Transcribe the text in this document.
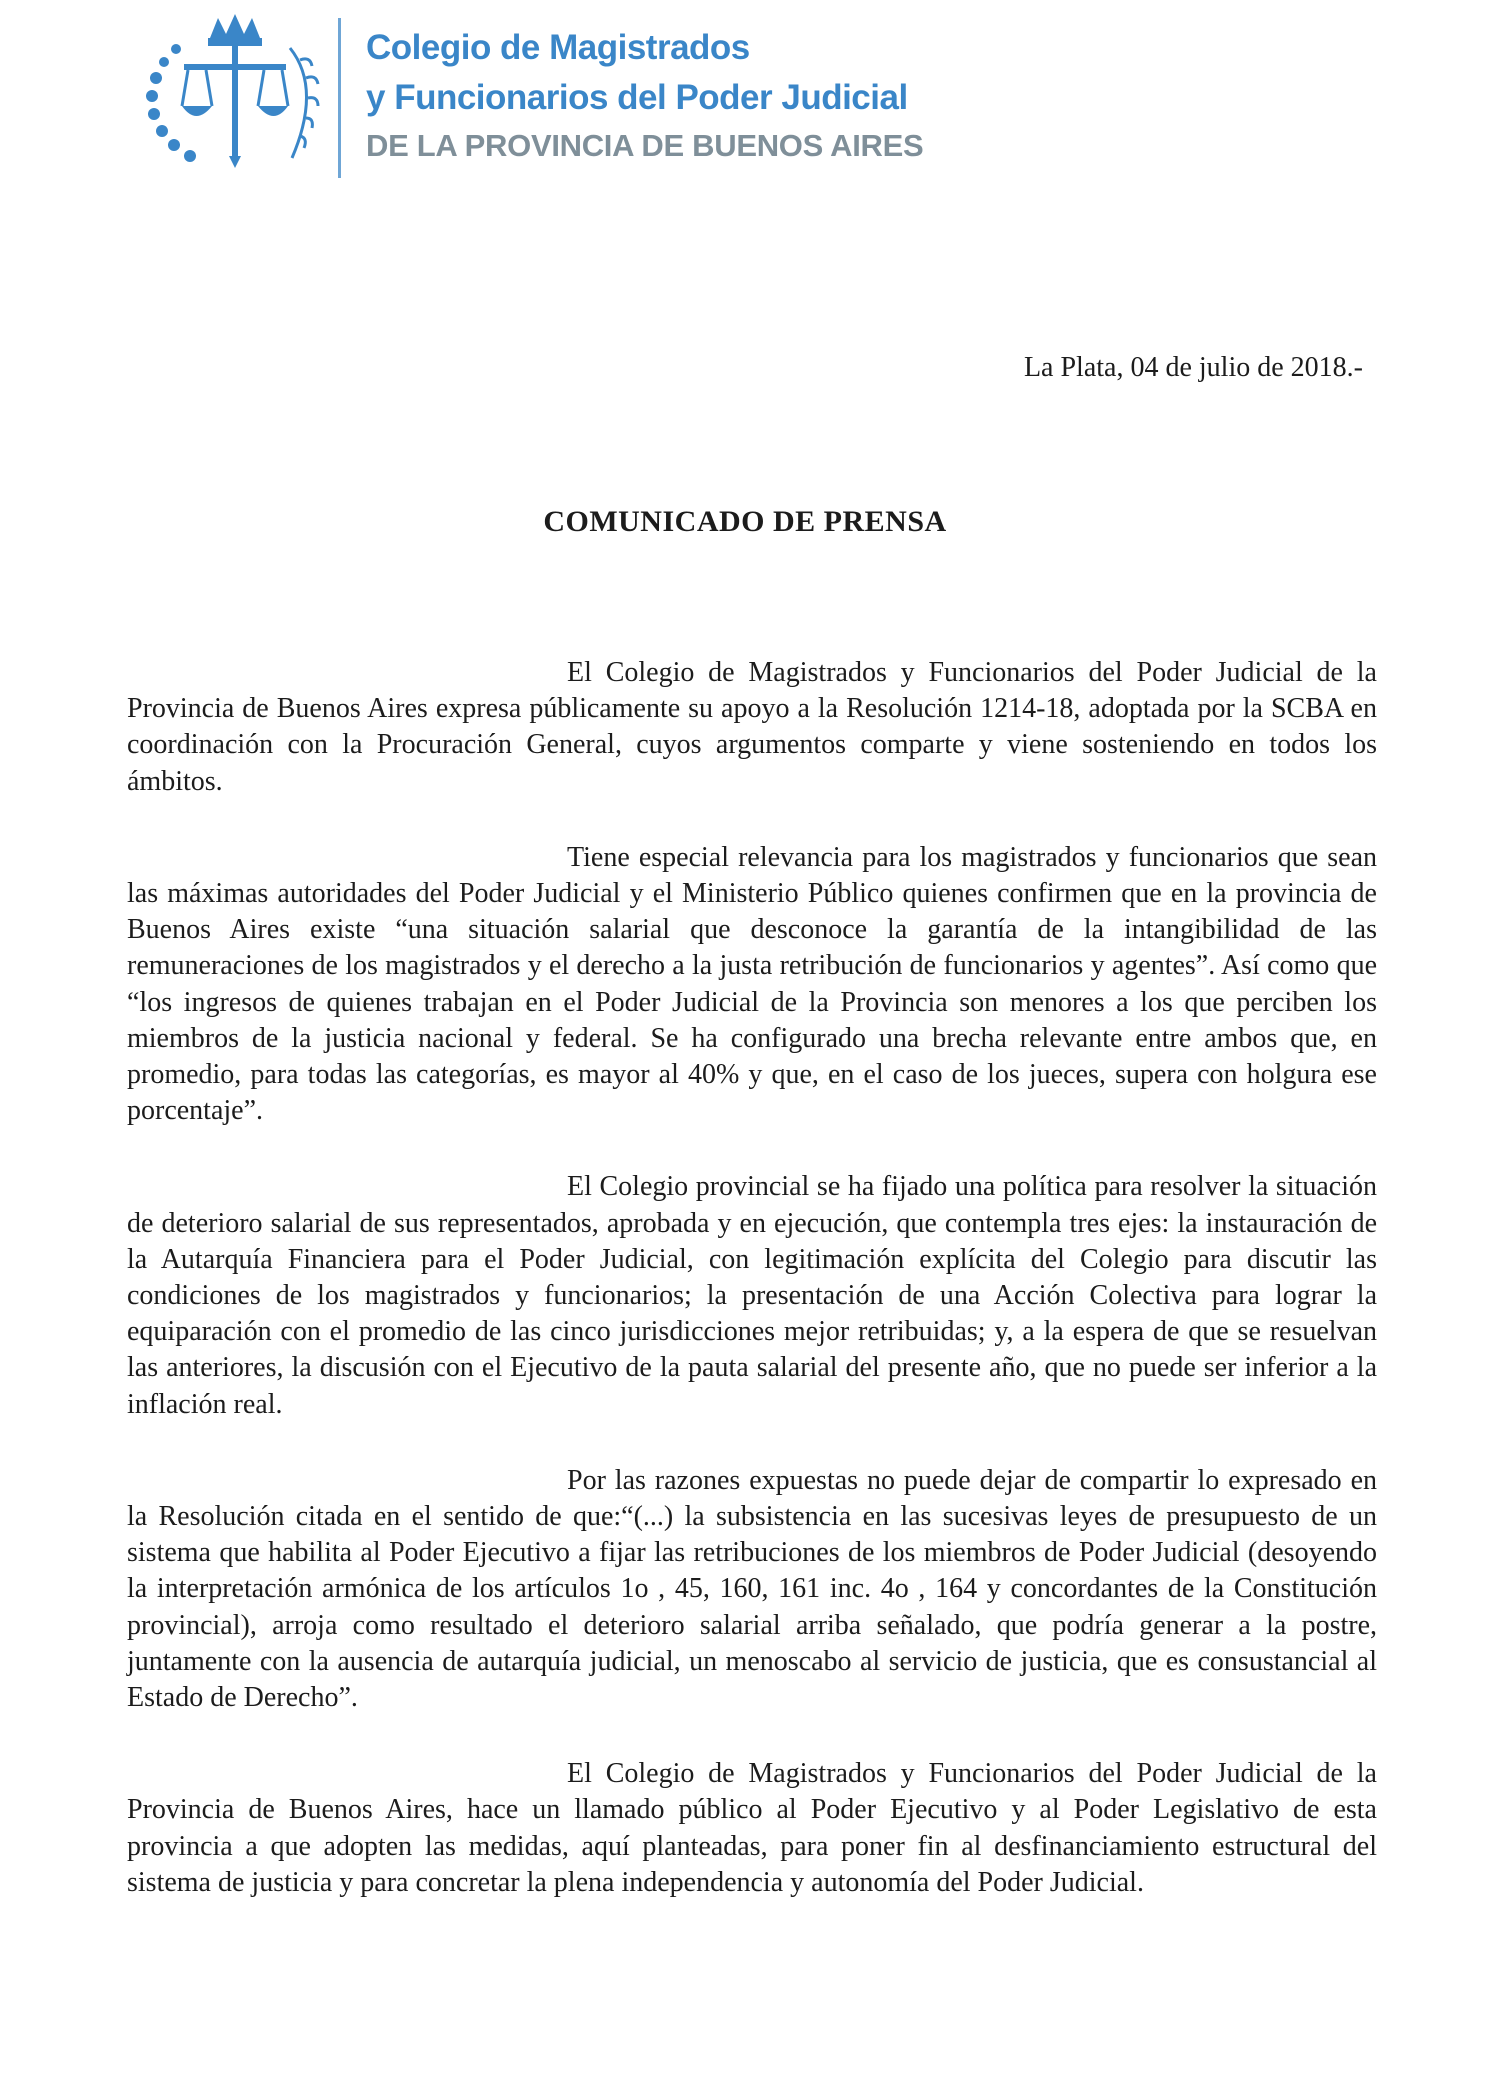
Colegio de Magistrados
y Funcionarios del Poder Judicial
DE LA PROVINCIA DE BUENOS AIRES
La Plata, 04 de julio de 2018.-
COMUNICADO DE PRENSA

El Colegio de Magistrados y Funcionarios del Poder Judicial de la Provincia de Buenos Aires expresa públicamente su apoyo a la Resolución 1214-18, adoptada por la SCBA en coordinación con la Procuración General, cuyos argumentos comparte y viene sosteniendo en todos los ámbitos.

Tiene especial relevancia para los magistrados y funcionarios que sean las máximas autoridades del Poder Judicial y el Ministerio Público quienes confirmen que en la provincia de Buenos Aires existe “una situación salarial que desconoce la garantía de la intangibilidad de las remuneraciones de los magistrados y el derecho a la justa retribución de funcionarios y agentes”. Así como que “los ingresos de quienes trabajan en el Poder Judicial de la Provincia son menores a los que perciben los miembros de la justicia nacional y federal. Se ha configurado una brecha relevante entre ambos que, en promedio, para todas las categorías, es mayor al 40% y que, en el caso de los jueces, supera con holgura ese porcentaje”.

El Colegio provincial se ha fijado una política para resolver la situación de deterioro salarial de sus representados, aprobada y en ejecución, que contempla tres ejes: la instauración de la Autarquía Financiera para el Poder Judicial, con legitimación explícita del Colegio para discutir las condiciones de los magistrados y funcionarios; la presentación de una Acción Colectiva para lograr la equiparación con el promedio de las cinco jurisdicciones mejor retribuidas; y, a la espera de que se resuelvan las anteriores, la discusión con el Ejecutivo de la pauta salarial del presente año, que no puede ser inferior a la inflación real.

Por las razones expuestas no puede dejar de compartir lo expresado en la Resolución citada en el sentido de que:“(...) la subsistencia en las sucesivas leyes de presupuesto de un sistema que habilita al Poder Ejecutivo a fijar las retribuciones de los miembros de Poder Judicial (desoyendo la interpretación armónica de los artículos 1o , 45, 160, 161 inc. 4o , 164 y concordantes de la Constitución provincial), arroja como resultado el deterioro salarial arriba señalado, que podría generar a la postre, juntamente con la ausencia de autarquía judicial, un menoscabo al servicio de justicia, que es consustancial al Estado de Derecho”.

El Colegio de Magistrados y Funcionarios del Poder Judicial de la Provincia de Buenos Aires, hace un llamado público al Poder Ejecutivo y al Poder Legislativo de esta provincia a que adopten las medidas, aquí planteadas, para poner fin al desfinanciamiento estructural del sistema de justicia y para concretar la plena independencia y autonomía del Poder Judicial.
